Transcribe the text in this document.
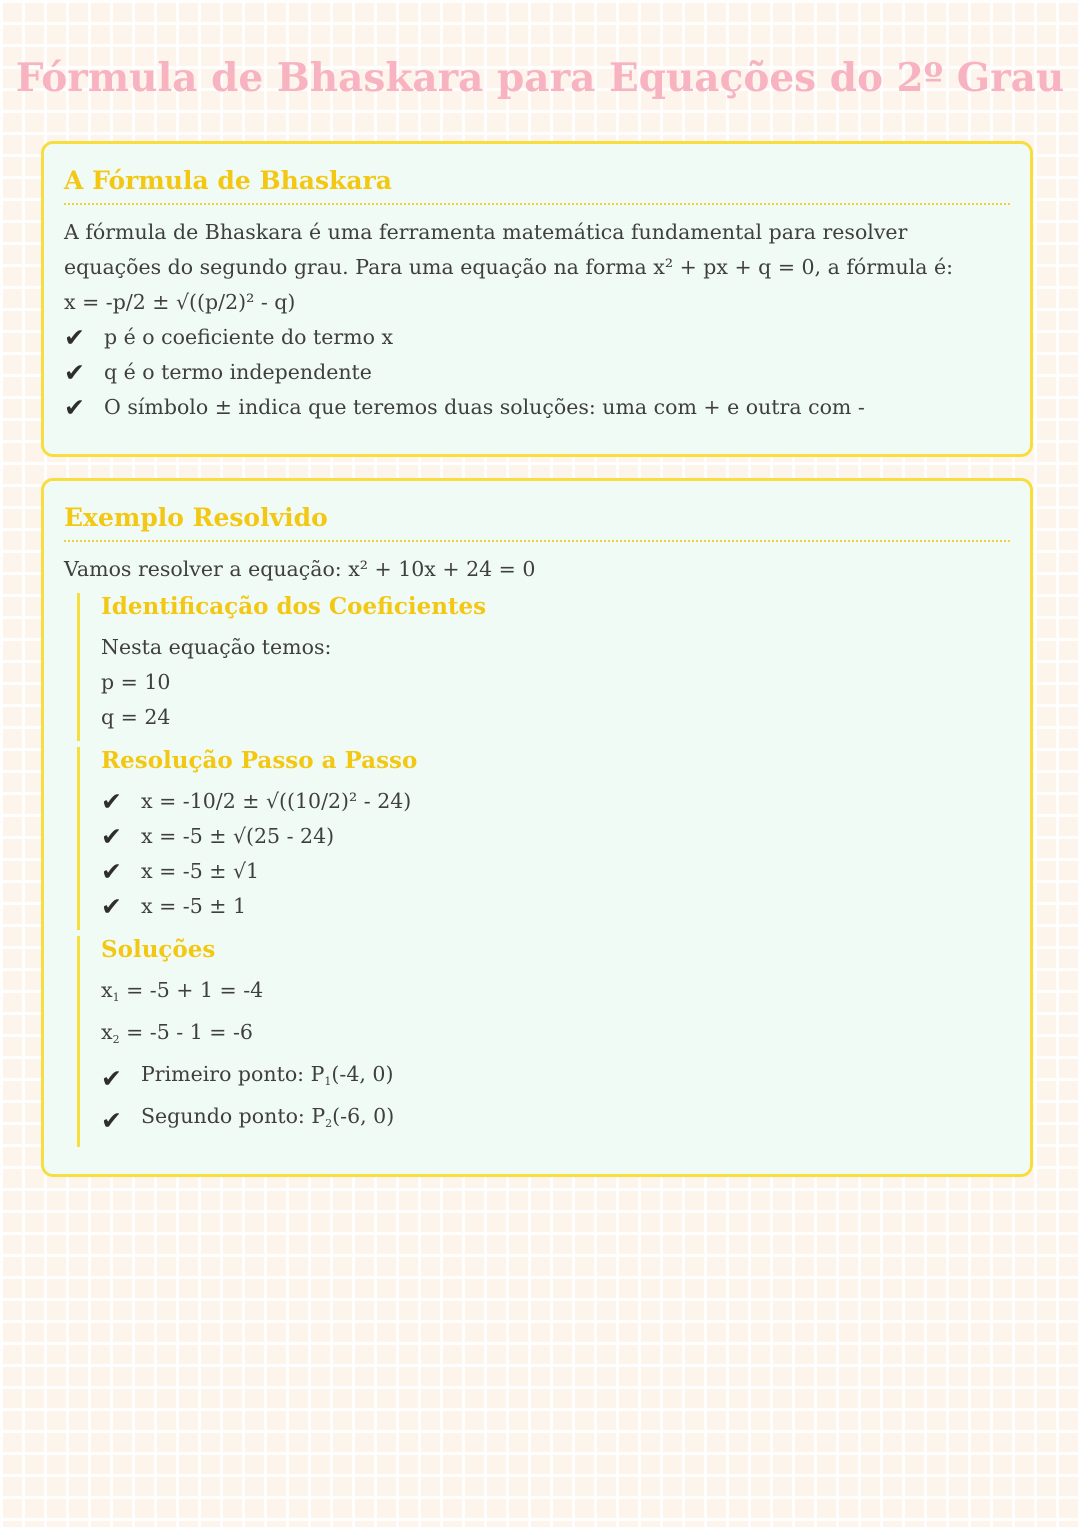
Fórmula de Bhaskara para Equações do 2º Grau
A Fórmula de Bhaskara

A fórmula de Bhaskara é uma ferramenta matemática fundamental para resolver equações do segundo grau. Para uma equação na forma x² + px + q = 0, a fórmula é:

x = -p/2 ± √((p/2)² - q)
✔ p é o coeficiente do termo x
✔ q é o termo independente
✔ O símbolo ± indica que teremos duas soluções: uma com + e outra com -
Exemplo Resolvido
Vamos resolver a equação: x² + 10x + 24 = 0
Identificação dos Coeficientes
Nesta equação temos:
p = 10
q = 24
Resolução Passo a Passo
✔ x = -10/2 ± √((10/2)² - 24)
✔ x = -5 ± √(25 - 24)
✔ x = -5 ± √1
✔ x = -5 ± 1
Soluções
$x_1 = -5 + 1 = -4$
$x_2 = -5 - 1 = -6$
✔ Primeiro ponto: $P_1(-4$, 0)
✔ Segundo ponto: $P_2(-6$, 0)
